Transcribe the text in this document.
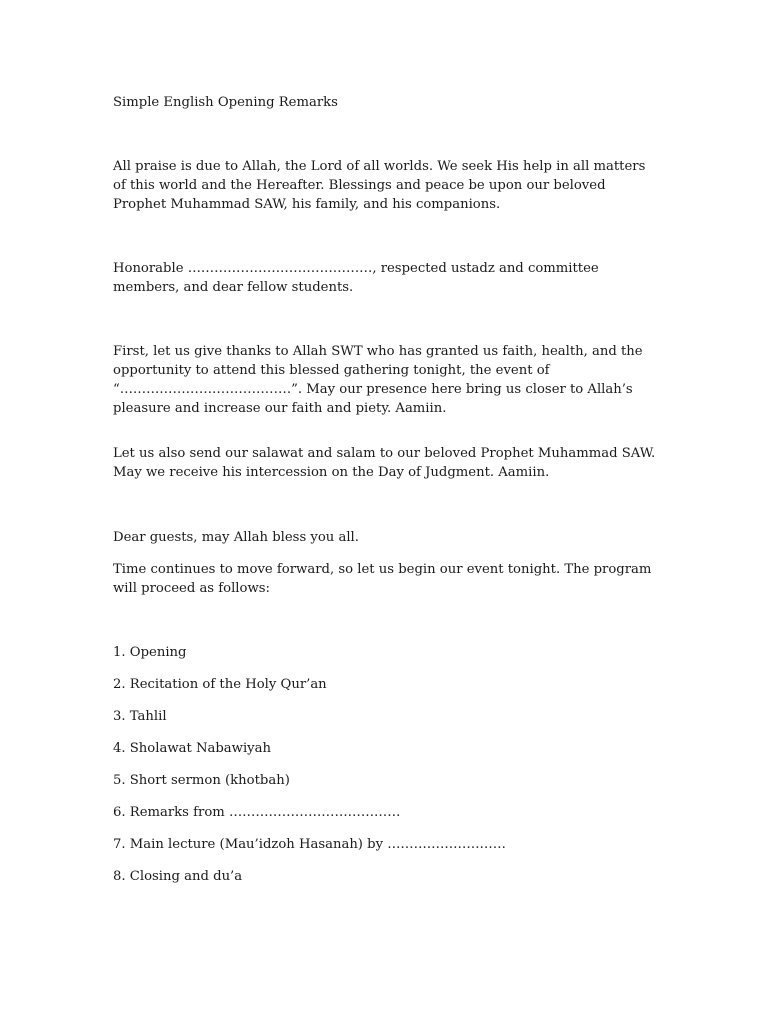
Simple English Opening Remarks

All praise is due to Allah, the Lord of all worlds. We seek His help in all matters of this world and the Hereafter. Blessings and peace be upon our beloved Prophet Muhammad SAW, his family, and his companions.

Honorable ……………………………………, respected ustadz and committee members, and dear fellow students.

First, let us give thanks to Allah SWT who has granted us faith, health, and the opportunity to attend this blessed gathering tonight, the event of “…………………………………”. May our presence here bring us closer to Allah’s pleasure and increase our faith and piety. Aamiin.

Let us also send our salawat and salam to our beloved Prophet Muhammad SAW. May we receive his intercession on the Day of Judgment. Aamiin.

Dear guests, may Allah bless you all.

Time continues to move forward, so let us begin our event tonight. The program will proceed as follows:

1. Opening
2. Recitation of the Holy Qur’an
3. Tahlil
4. Sholawat Nabawiyah
5. Short sermon (khotbah)
6. Remarks from …………………………………
7. Main lecture (Mau’idzoh Hasanah) by ………………………
8. Closing and du’a
